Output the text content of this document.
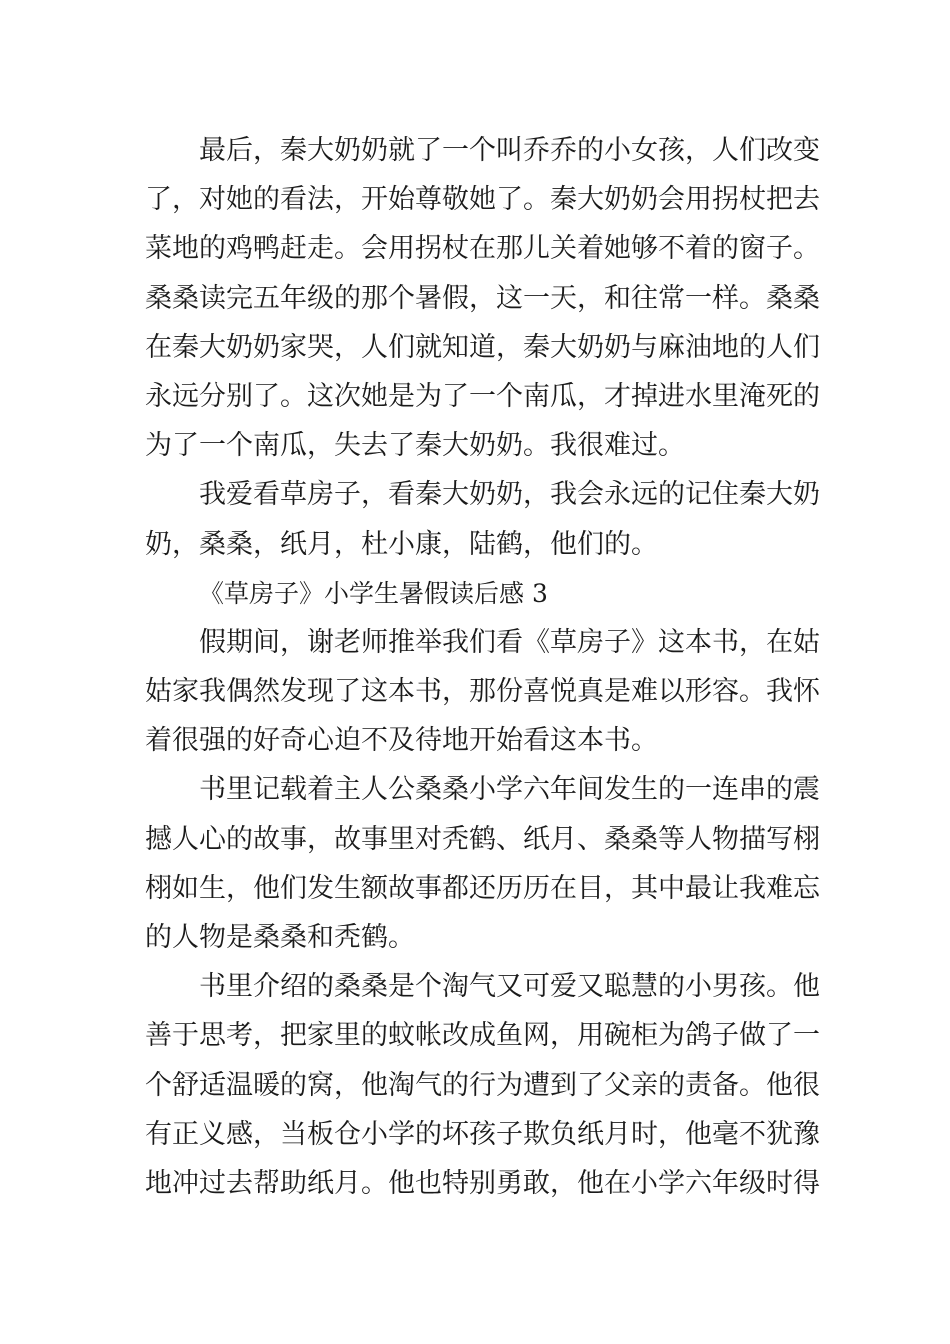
最后，秦大奶奶就了一个叫乔乔的小女孩，人们改变
了，对她的看法，开始尊敬她了。秦大奶奶会用拐杖把去
菜地的鸡鸭赶走。会用拐杖在那儿关着她够不着的窗子。
桑桑读完五年级的那个暑假，这一天，和往常一样。桑桑
在秦大奶奶家哭，人们就知道，秦大奶奶与麻油地的人们
永远分别了。这次她是为了一个南瓜，才掉进水里淹死的
为了一个南瓜，失去了秦大奶奶。我很难过。
我爱看草房子，看秦大奶奶，我会永远的记住秦大奶
奶，桑桑，纸月，杜小康，陆鹤，他们的。
《草房子》小学生暑假读后感 3
假期间，谢老师推举我们看《草房子》这本书，在姑
姑家我偶然发现了这本书，那份喜悦真是难以形容。我怀
着很强的好奇心迫不及待地开始看这本书。
书里记载着主人公桑桑小学六年间发生的一连串的震
撼人心的故事，故事里对秃鹤、纸月、桑桑等人物描写栩
栩如生，他们发生额故事都还历历在目，其中最让我难忘
的人物是桑桑和秃鹤。
书里介绍的桑桑是个淘气又可爱又聪慧的小男孩。他
善于思考，把家里的蚊帐改成鱼网，用碗柜为鸽子做了一
个舒适温暖的窝，他淘气的行为遭到了父亲的责备。他很
有正义感，当板仓小学的坏孩子欺负纸月时，他毫不犹豫
地冲过去帮助纸月。他也特别勇敢，他在小学六年级时得
